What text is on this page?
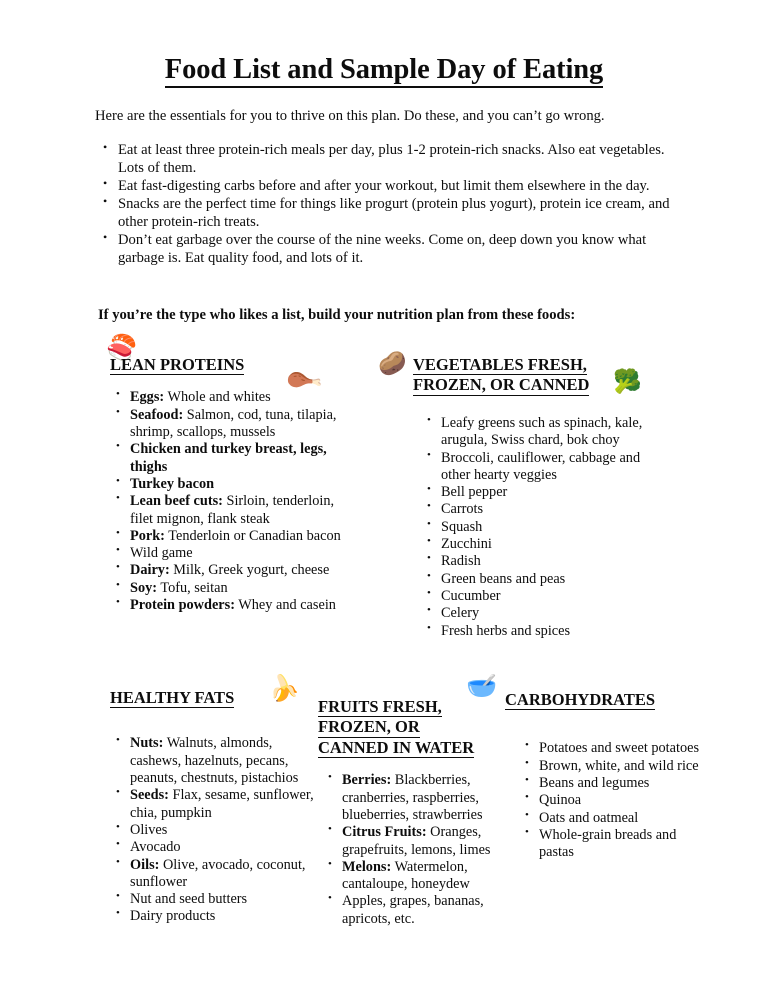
Food List and Sample Day of Eating
Here are the essentials for you to thrive on this plan. Do these, and you can’t go wrong.
• Eat at least three protein-rich meals per day, plus 1-2 protein-rich snacks. Also eat vegetables. Lots of them.
• Eat fast-digesting carbs before and after your workout, but limit them elsewhere in the day.
• Snacks are the perfect time for things like progurt (protein plus yogurt), protein ice cream, and other protein-rich treats.
• Don’t eat garbage over the course of the nine weeks. Come on, deep down you know what garbage is. Eat quality food, and lots of it.
If you’re the type who likes a list, build your nutrition plan from these foods:
🍣
🍗 🥔
🥦
🍌	🥣
LEAN PROTEINS
• Eggs: Whole and whites
• Seafood: Salmon, cod, tuna, tilapia, shrimp, scallops, mussels
• Chicken and turkey breast, legs, thighs
• Turkey bacon
• Lean beef cuts: Sirloin, tenderloin, filet mignon, flank steak
• Pork: Tenderloin or Canadian bacon
• Wild game
• Dairy: Milk, Greek yogurt, cheese
• Soy: Tofu, seitan
• Protein powders: Whey and casein
VEGETABLES FRESH,
FROZEN, OR CANNED
• Leafy greens such as spinach, kale, arugula, Swiss chard, bok choy
• Broccoli, cauliflower, cabbage and other hearty veggies
• Bell pepper
• Carrots
• Squash
• Zucchini
• Radish
• Green beans and peas
• Cucumber
• Celery
• Fresh herbs and spices
HEALTHY FATS
• Nuts: Walnuts, almonds, cashews, hazelnuts, pecans, peanuts, chestnuts, pistachios
• Seeds: Flax, sesame, sunflower, chia, pumpkin
• Olives
• Avocado
• Oils: Olive, avocado, coconut, sunflower
• Nut and seed butters
• Dairy products
FRUITS FRESH,
FROZEN, OR
CANNED IN WATER
• Berries: Blackberries, cranberries, raspberries, blueberries, strawberries
• Citrus Fruits: Oranges, grapefruits, lemons, limes
• Melons: Watermelon, cantaloupe, honeydew
• Apples, grapes, bananas, apricots, etc.
CARBOHYDRATES
• Potatoes and sweet potatoes
• Brown, white, and wild rice
• Beans and legumes
• Quinoa
• Oats and oatmeal
• Whole-grain breads and pastas
